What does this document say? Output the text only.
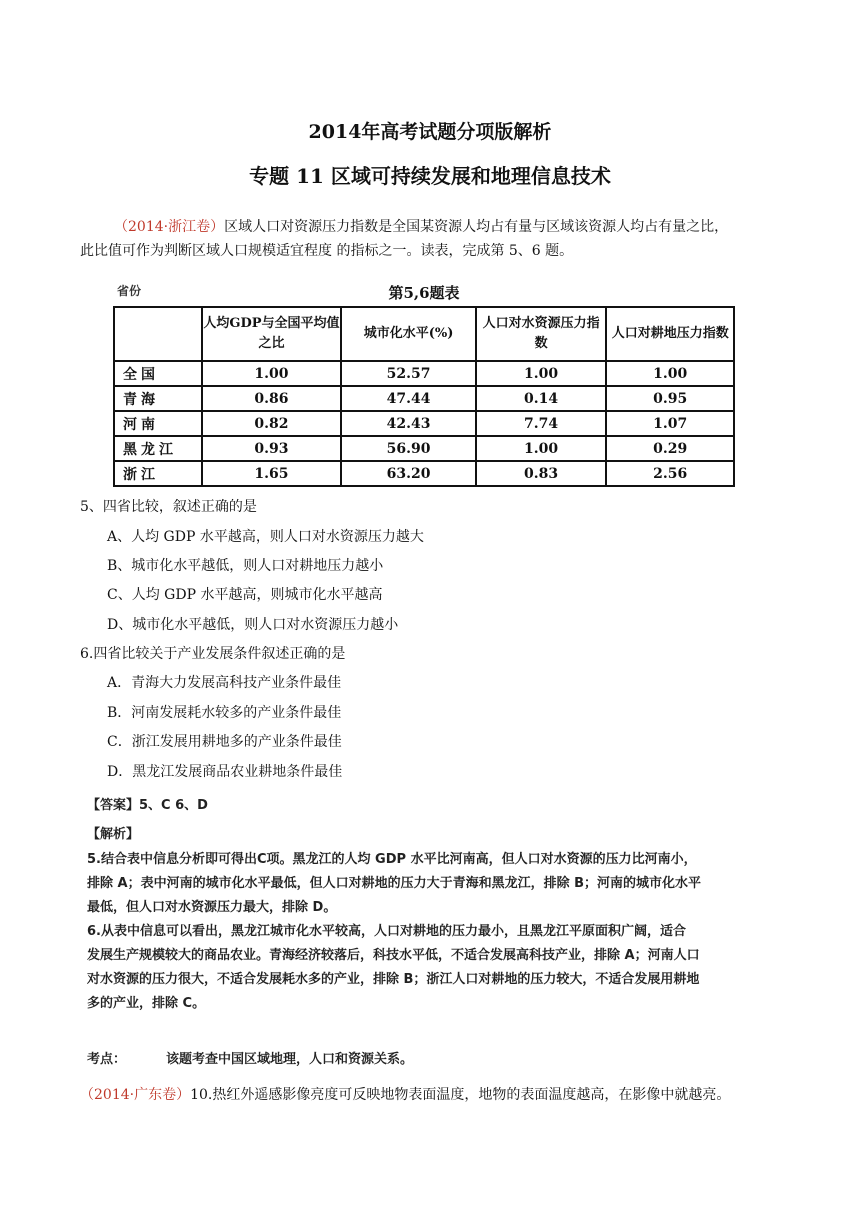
2014年高考试题分项版解析
专题 11 区域可持续发展和地理信息技术
（2014·浙江卷）区域人口对资源压力指数是全国某资源人均占有量与区域该资源人均占有量之比，
此比值可作为判断区域人口规模适宜程度 的指标之一。读表，完成第 5、6 题。
省份	第5,6题表
	人均GDP与全国平均值之比	城市化水平(%)	人口对水资源压力指数	人口对耕地压力指数
全国	1.00	52.57	1.00	1.00
青海	0.86	47.44	0.14	0.95
河南	0.82	42.43	7.74	1.07
黑龙江	0.93	56.90	1.00	0.29
浙江	1.65	63.20	0.83	2.56
5、四省比较，叙述正确的是
A、人均 GDP 水平越高，则人口对水资源压力越大
B、城市化水平越低，则人口对耕地压力越小
C、人均 GDP 水平越高，则城市化水平越高
D、城市化水平越低，则人口对水资源压力越小
6.四省比较关于产业发展条件叙述正确的是
A．青海大力发展高科技产业条件最佳
B．河南发展耗水较多的产业条件最佳
C．浙江发展用耕地多的产业条件最佳
D．黑龙江发展商品农业耕地条件最佳
【答案】5、C 6、D
【解析】
5.结合表中信息分析即可得出C项。黑龙江的人均 GDP 水平比河南高，但人口对水资源的压力比河南小，
排除 A；表中河南的城市化水平最低，但人口对耕地的压力大于青海和黑龙江，排除 B；河南的城市化水平
最低，但人口对水资源压力最大，排除 D。
6.从表中信息可以看出，黑龙江城市化水平较高，人口对耕地的压力最小，且黑龙江平原面积广阔，适合
发展生产规模较大的商品农业。青海经济较落后，科技水平低，不适合发展高科技产业，排除 A；河南人口
对水资源的压力很大，不适合发展耗水多的产业，排除 B；浙江人口对耕地的压力较大，不适合发展用耕地
多的产业，排除 C。
考点：	该题考查中国区域地理，人口和资源关系。
（2014·广东卷）10.热红外遥感影像亮度可反映地物表面温度，地物的表面温度越高，在影像中就越亮。
